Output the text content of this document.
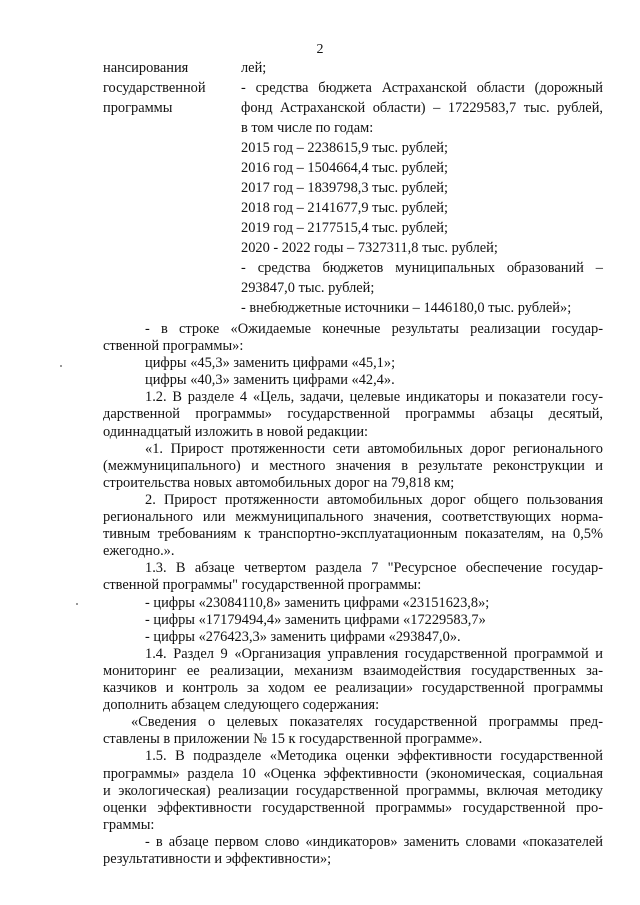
2
нансирования
государственной
программы
лей;
- средства бюджета Астраханской области (дорожный
фонд Астраханской области) – 17229583,7 тыс. рублей,
в том числе по годам:
2015 год – 2238615,9 тыс. рублей;
2016 год – 1504664,4 тыс. рублей;
2017 год – 1839798,3 тыс. рублей;
2018 год – 2141677,9 тыс. рублей;
2019 год – 2177515,4 тыс. рублей;
2020 - 2022 годы – 7327311,8 тыс. рублей;
- средства бюджетов муниципальных образований –
293847,0 тыс. рублей;
- внебюджетные источники – 1446180,0 тыс. рублей»;
- в строке «Ожидаемые конечные результаты реализации государ-
ственной программы»:
цифры «45,3» заменить цифрами «45,1»;
цифры «40,3» заменить цифрами «42,4».
1.2. В разделе 4 «Цель, задачи, целевые индикаторы и показатели госу-
дарственной программы» государственной программы абзацы десятый,
одиннадцатый изложить в новой редакции:
«1. Прирост протяженности сети автомобильных дорог регионального
(межмуниципального) и местного значения в результате реконструкции и
строительства новых автомобильных дорог на 79,818 км;
2. Прирост протяженности автомобильных дорог общего пользования
регионального или межмуниципального значения, соответствующих норма-
тивным требованиям к транспортно-эксплуатационным показателям, на 0,5%
ежегодно.».
1.3. В абзаце четвертом раздела 7 "Ресурсное обеспечение государ-
ственной программы" государственной программы:
- цифры «23084110,8» заменить цифрами «23151623,8»;
- цифры «17179494,4» заменить цифрами «17229583,7»
- цифры «276423,3» заменить цифрами «293847,0».
1.4. Раздел 9 «Организация управления государственной программой и
мониторинг ее реализации, механизм взаимодействия государственных за-
казчиков и контроль за ходом ее реализации» государственной программы
дополнить абзацем следующего содержания:
«Сведения о целевых показателях государственной программы пред-
ставлены в приложении № 15 к государственной программе».
1.5. В подразделе «Методика оценки эффективности государственной
программы» раздела 10 «Оценка эффективности (экономическая, социальная
и экологическая) реализации государственной программы, включая методику
оценки эффективности государственной программы» государственной про-
граммы:
- в абзаце первом слово «индикаторов» заменить словами «показателей
результативности и эффективности»;
